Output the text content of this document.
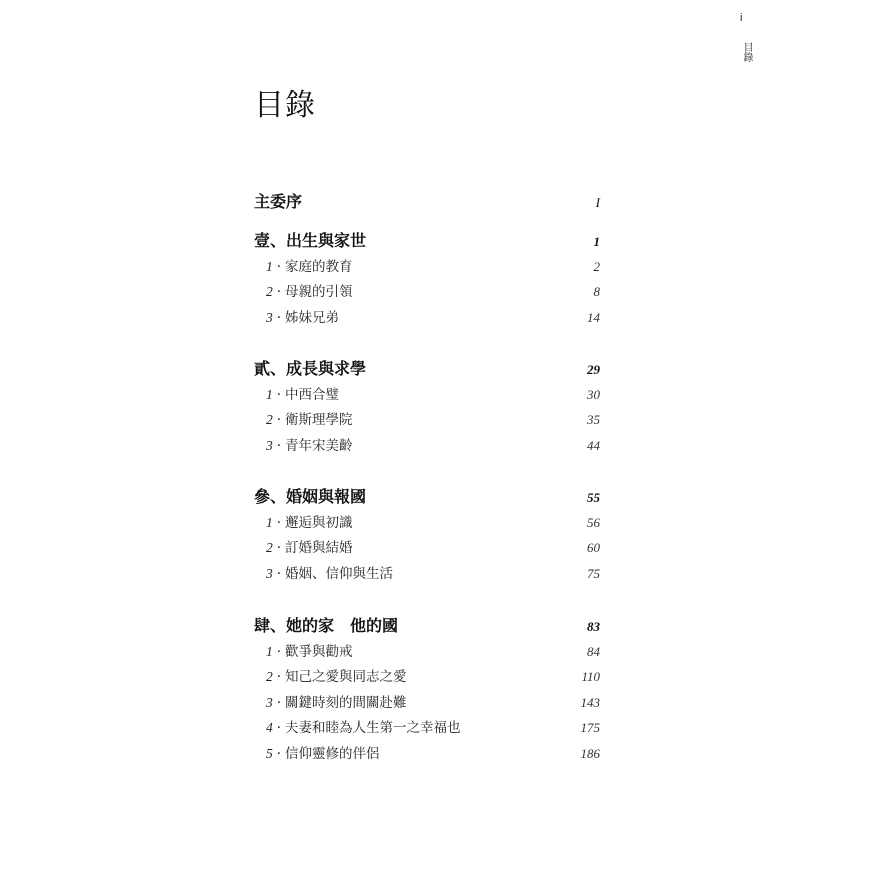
i
目錄
目錄
主委序	I
壹、出生與家世	1
1 · 家庭的教育	2
2 · 母親的引領	8
3 · 姊妹兄弟	14
貳、成長與求學	29
1 · 中西合璧	30
2 · 衛斯理學院	35
3 · 青年宋美齡	44
參、婚姻與報國	55
1 · 邂逅與初識	56
2 · 訂婚與結婚	60
3 · 婚姻、信仰與生活	75
肆、她的家　他的國	83
1 · 歡爭與勸戒	84
2 · 知己之愛與同志之愛	110
3 · 關鍵時刻的間關赴難	143
4 · 夫妻和睦為人生第一之幸福也	175
5 · 信仰靈修的伴侶	186
